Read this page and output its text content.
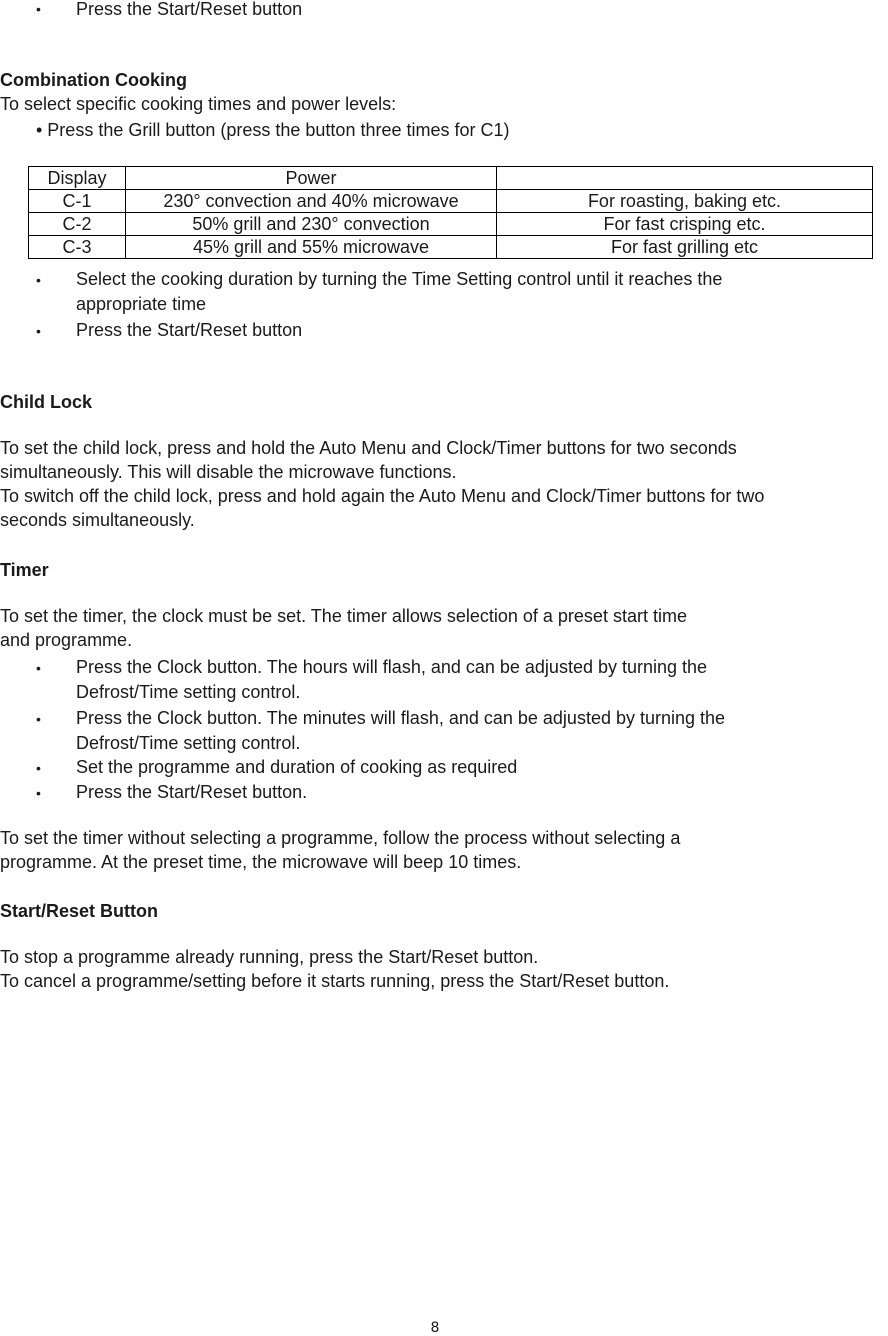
• Press the Start/Reset button
Combination Cooking
To select specific cooking times and power levels:
• Press the Grill button (press the button three times for C1)
Display	Power	
C-1	230° convection and 40% microwave	For roasting, baking etc.
C-2	50% grill and 230° convection	For fast crisping etc.
C-3	45% grill and 55% microwave	For fast grilling etc
• Select the cooking duration by turning the Time Setting control until it reaches the
appropriate time
• Press the Start/Reset button
Child Lock
To set the child lock, press and hold the Auto Menu and Clock/Timer buttons for two seconds
simultaneously. This will disable the microwave functions.
To switch off the child lock, press and hold again the Auto Menu and Clock/Timer buttons for two
seconds simultaneously.
Timer
To set the timer, the clock must be set. The timer allows selection of a preset start time
and programme.
• Press the Clock button. The hours will flash, and can be adjusted by turning the
Defrost/Time setting control.
• Press the Clock button. The minutes will flash, and can be adjusted by turning the
Defrost/Time setting control.
• Set the programme and duration of cooking as required
• Press the Start/Reset button.
To set the timer without selecting a programme, follow the process without selecting a
programme. At the preset time, the microwave will beep 10 times.
Start/Reset Button
To stop a programme already running, press the Start/Reset button.
To cancel a programme/setting before it starts running, press the Start/Reset button.
8
